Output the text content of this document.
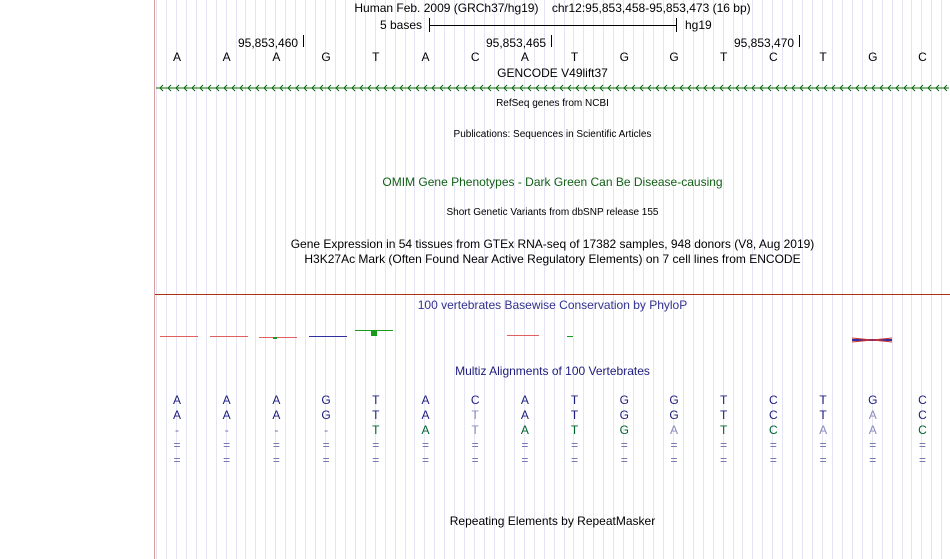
Human Feb. 2009 (GRCh37/hg19) chr12:95,853,458-95,853,473 (16 bp)
5 bases	hg19
95,853,460	95,853,465	95,853,470
A	A	A	G	T	A	C	A	T	G	G	T	C	T	G	C
GENCODE V49lift37
RefSeq genes from NCBI
Publications: Sequences in Scientific Articles
OMIM Gene Phenotypes - Dark Green Can Be Disease-causing
Short Genetic Variants from dbSNP release 155
Gene Expression in 54 tissues from GTEx RNA-seq of 17382 samples, 948 donors (V8, Aug 2019)
H3K27Ac Mark (Often Found Near Active Regulatory Elements) on 7 cell lines from ENCODE
100 vertebrates Basewise Conservation by PhyloP
Multiz Alignments of 100 Vertebrates
A	A	A	G	T	A	C	A	T	G	G	T	C	T	G	C
A	A	A	G	T	A	T	A	T	G	G	T	C	T	A	C
-	-	-	-	T	A	T	A	T	G	A	T	C	A	A	C
=	=	=	=	=	=	=	=	=	=	=	=	=	=	=	=
=	=	=	=	=	=	=	=	=	=	=	=	=	=	=	=
Repeating Elements by RepeatMasker
